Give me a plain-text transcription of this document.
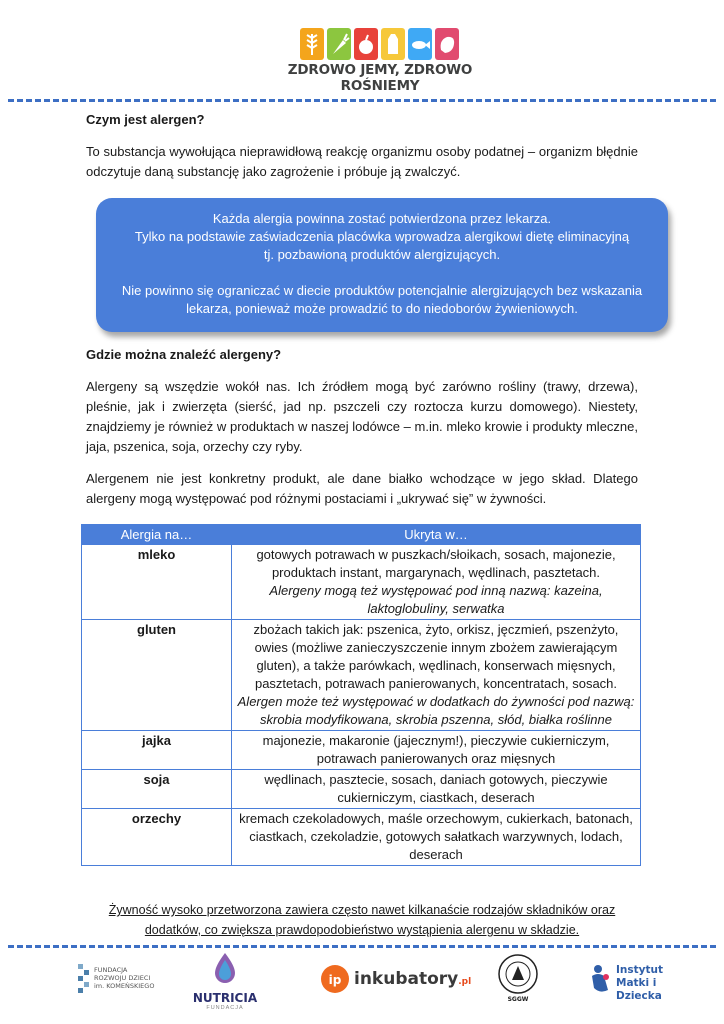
ZDROWO JEMY, ZDROWO ROŚNIEMY
Czym jest alergen?
To substancja wywołująca nieprawidłową reakcję organizmu osoby podatnej – organizm błędnie odczytuje daną substancję jako zagrożenie i próbuje ją zwalczyć.
Każda alergia powinna zostać potwierdzona przez lekarza.
Tylko na podstawie zaświadczenia placówka wprowadza alergikowi dietę eliminacyjną
tj. pozbawioną produktów alergizujących.
Nie powinno się ograniczać w diecie produktów potencjalnie alergizujących bez wskazania
lekarza, ponieważ może prowadzić to do niedoborów żywieniowych.
Gdzie można znaleźć alergeny?
Alergeny są wszędzie wokół nas. Ich źródłem mogą być zarówno rośliny (trawy, drzewa), pleśnie, jak i zwierzęta (sierść, jad np. pszczeli czy roztocza kurzu domowego). Niestety, znajdziemy je również w produktach w naszej lodówce – m.in. mleko krowie i produkty mleczne, jaja, pszenica, soja, orzechy czy ryby.
Alergenem nie jest konkretny produkt, ale dane białko wchodzące w jego skład. Dlatego alergeny mogą występować pod różnymi postaciami i „ukrywać się” w żywności.
Alergia na…	Ukryta w…
mleko	gotowych potrawach w puszkach/słoikach, sosach, majonezie, produktach instant, margarynach, wędlinach, pasztetach.
Alergeny mogą też występować pod inną nazwą: kazeina, laktoglobuliny, serwatka
gluten	zbożach takich jak: pszenica, żyto, orkisz, jęczmień, pszenżyto, owies (możliwe zanieczyszczenie innym zbożem zawierającym gluten), a także parówkach, wędlinach, konserwach mięsnych, pasztetach, potrawach panierowanych, koncentratach, sosach.
Alergen może też występować w dodatkach do żywności pod nazwą: skrobia modyfikowana, skrobia pszenna, słód, białka roślinne
jajka	majonezie, makaronie (jajecznym!), pieczywie cukierniczym, potrawach panierowanych oraz mięsnych
soja	wędlinach, pasztecie, sosach, daniach gotowych, pieczywie cukierniczym, ciastkach, deserach
orzechy	kremach czekoladowych, maśle orzechowym, cukierkach, batonach, ciastkach, czekoladzie, gotowych sałatkach warzywnych, lodach, deserach
Żywność wysoko przetworzona zawiera często nawet kilkanaście rodzajów składników oraz
dodatków, co zwiększa prawdopodobieństwo wystąpienia alergenu w składzie.
FUNDACJA
ROZWOJU DZIECI
im. KOMEŃSKIEGO
NUTRICIA
FUNDACJA
ip inkubatory.pl
SGGW
Instytut
Matki i Dziecka
